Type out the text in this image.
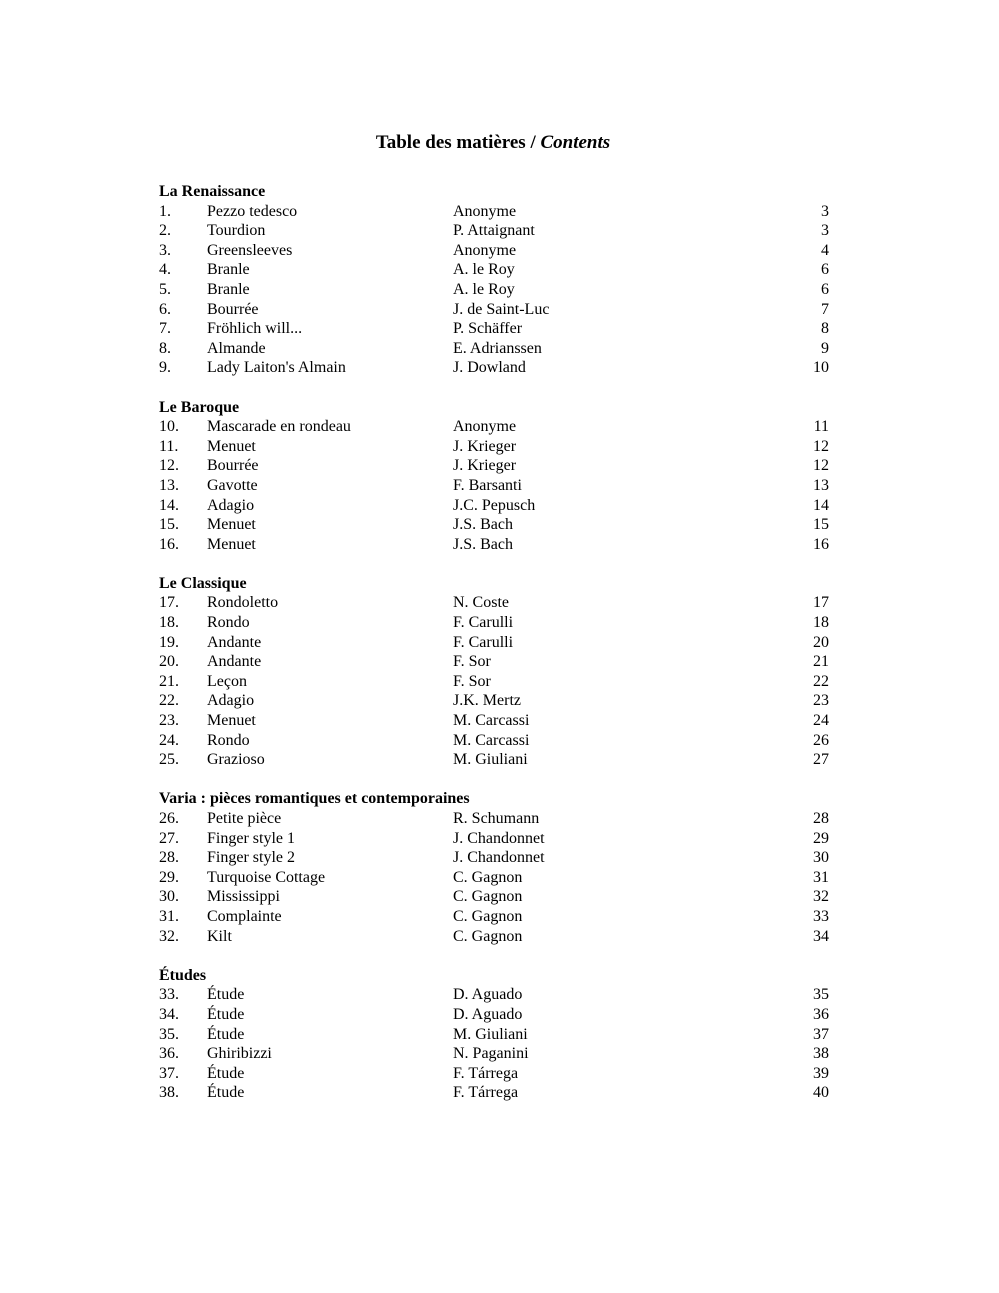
Table des matières / Contents
La Renaissance
1. Pezzo tedesco	Anonyme	3
2. Tourdion	P. Attaignant	3
3. Greensleeves	Anonyme	4
4. Branle	A. le Roy	6
5. Branle	A. le Roy	6
6. Bourrée	J. de Saint-Luc	7
7. Fröhlich will...	P. Schäffer	8
8. Almande	E. Adrianssen	9
9. Lady Laiton's Almain	J. Dowland	10
Le Baroque
10. Mascarade en rondeau	Anonyme	11
11. Menuet	J. Krieger	12
12. Bourrée	J. Krieger	12
13. Gavotte	F. Barsanti	13
14. Adagio	J.C. Pepusch	14
15. Menuet	J.S. Bach	15
16. Menuet	J.S. Bach	16
Le Classique
17. Rondoletto	N. Coste	17
18. Rondo	F. Carulli	18
19. Andante	F. Carulli	20
20. Andante	F. Sor	21
21. Leçon	F. Sor	22
22. Adagio	J.K. Mertz	23
23. Menuet	M. Carcassi	24
24. Rondo	M. Carcassi	26
25. Grazioso	M. Giuliani	27
Varia : pièces romantiques et contemporaines
26. Petite pièce	R. Schumann	28
27. Finger style 1	J. Chandonnet	29
28. Finger style 2	J. Chandonnet	30
29. Turquoise Cottage	C. Gagnon	31
30. Mississippi	C. Gagnon	32
31. Complainte	C. Gagnon	33
32. Kilt	C. Gagnon	34
Études
33. Étude	D. Aguado	35
34. Étude	D. Aguado	36
35. Étude	M. Giuliani	37
36. Ghiribizzi	N. Paganini	38
37. Étude	F. Tárrega	39
38. Étude	F. Tárrega	40
